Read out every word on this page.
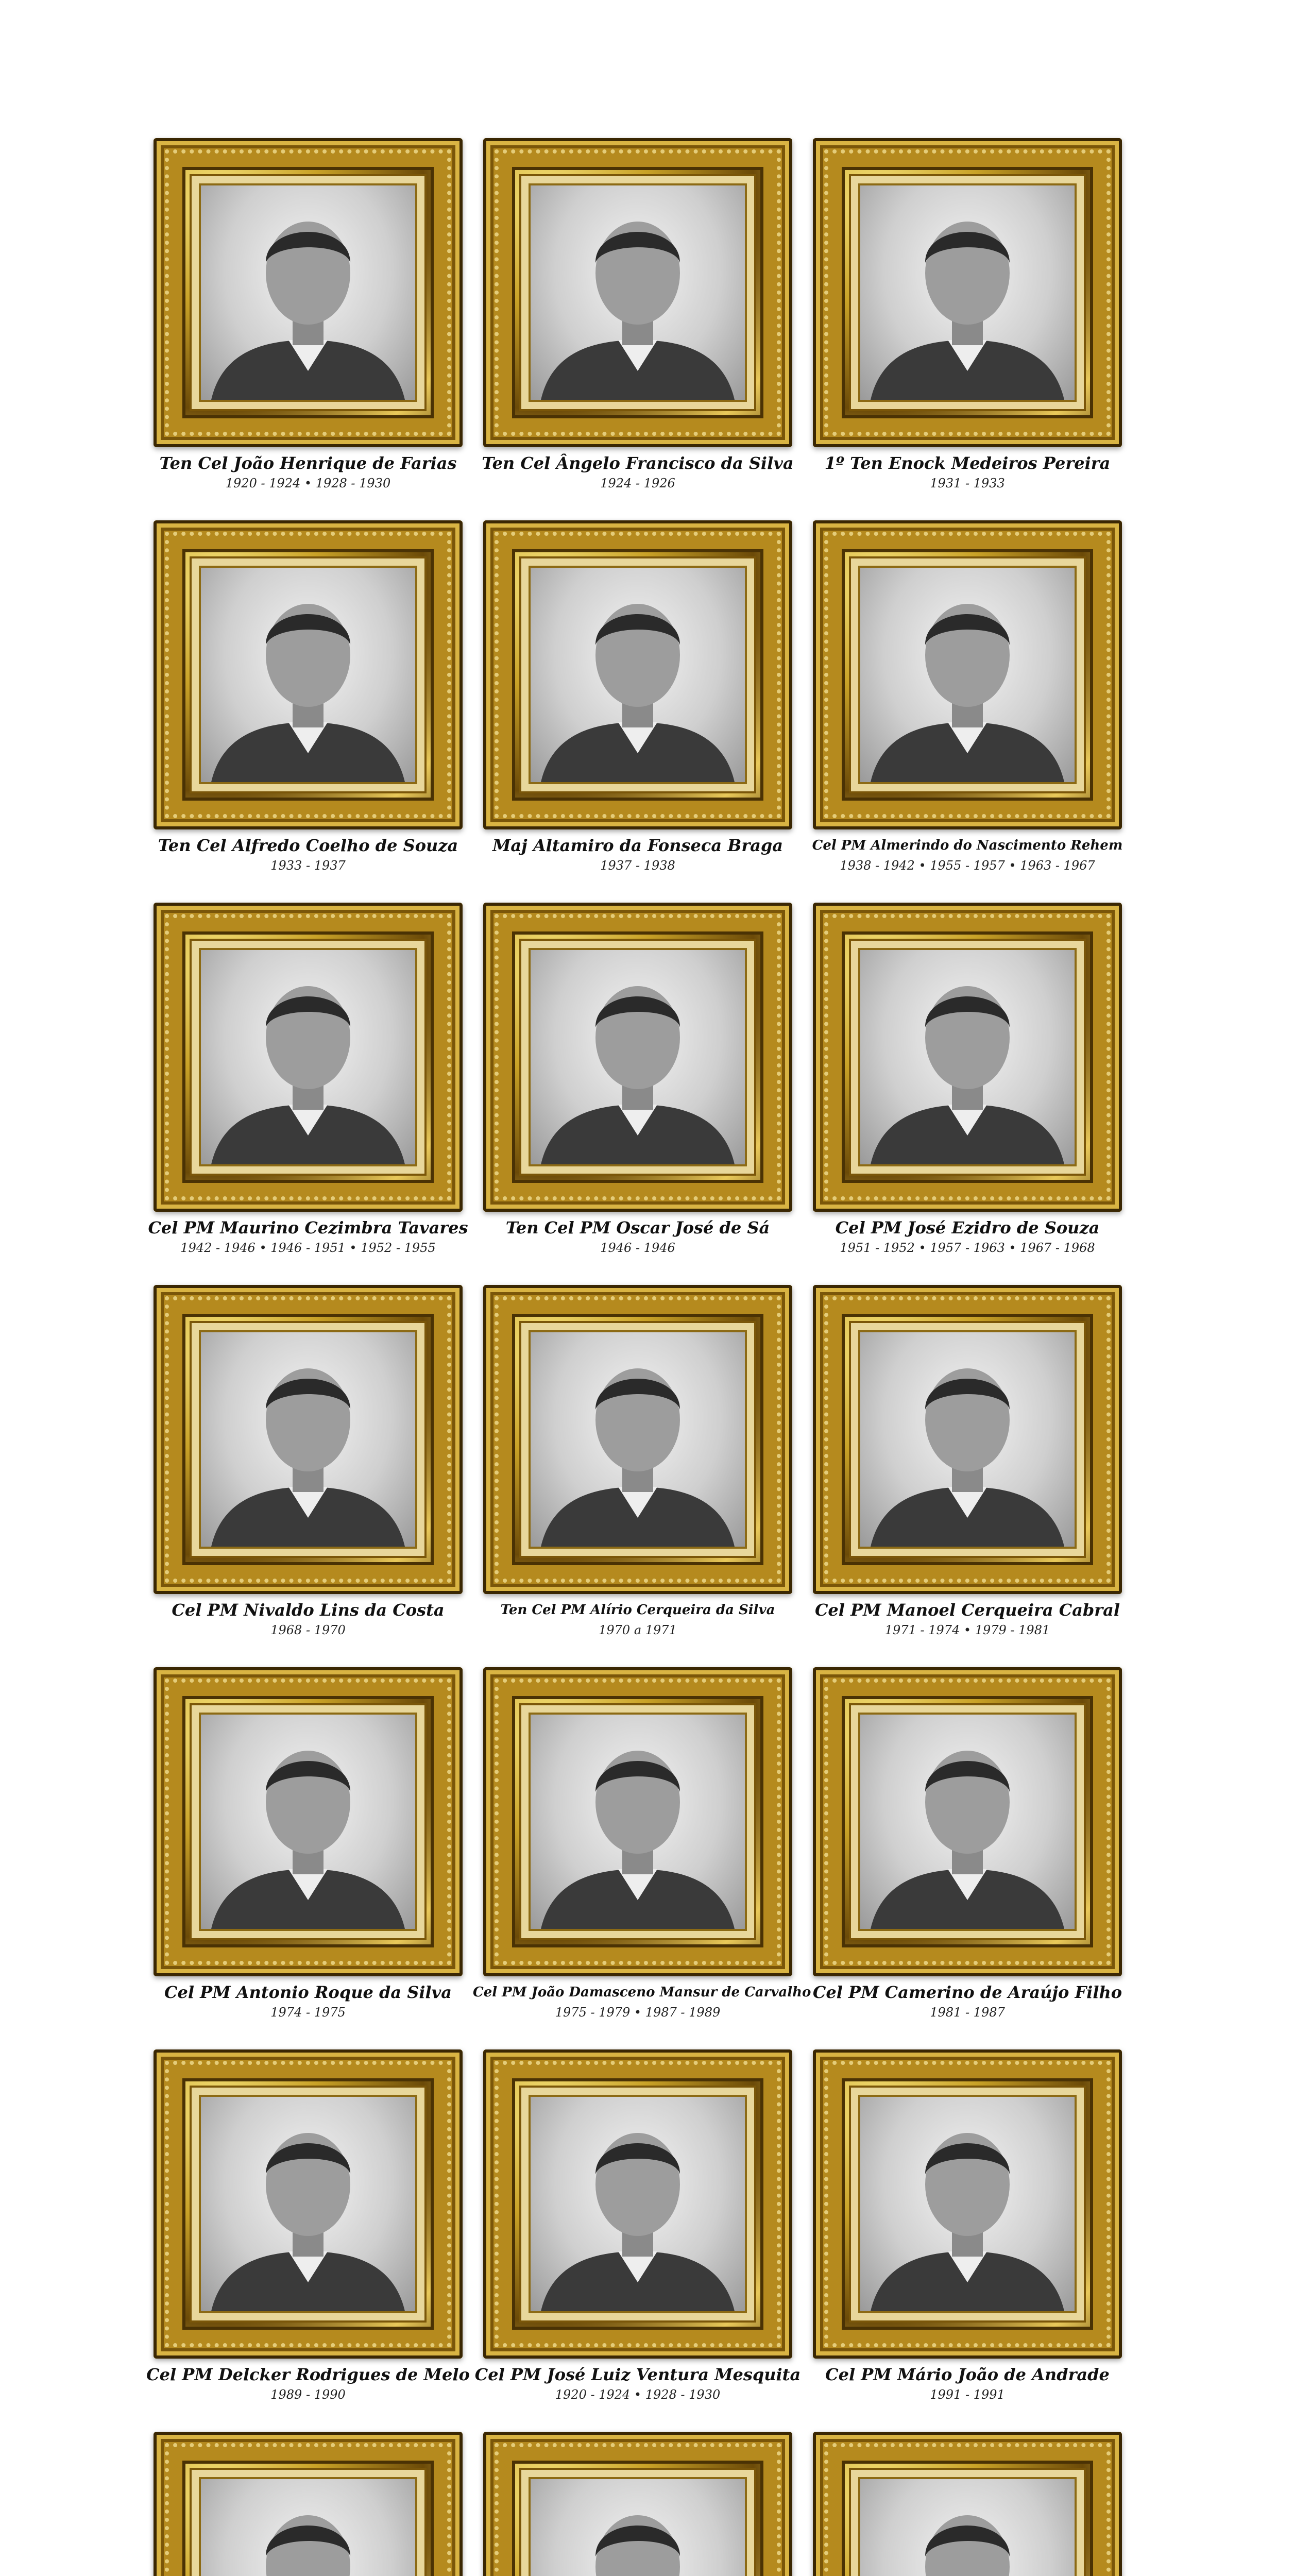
Ten Cel João Henrique de Farias
1920 - 1924 • 1928 - 1930
Ten Cel Ângelo Francisco da Silva
1924 - 1926
1º Ten Enock Medeiros Pereira
1931 - 1933
Ten Cel Alfredo Coelho de Souza
1933 - 1937
Maj Altamiro da Fonseca Braga
1937 - 1938
Cel PM Almerindo do Nascimento Rehem
1938 - 1942 • 1955 - 1957 • 1963 - 1967
Cel PM Maurino Cezimbra Tavares
1942 - 1946 • 1946 - 1951 • 1952 - 1955
Ten Cel PM Oscar José de Sá
1946 - 1946
Cel PM José Ezidro de Souza
1951 - 1952 • 1957 - 1963 • 1967 - 1968
Cel PM Nivaldo Lins da Costa
1968 - 1970
Ten Cel PM Alírio Cerqueira da Silva
1970 a 1971
Cel PM Manoel Cerqueira Cabral
1971 - 1974 • 1979 - 1981
Cel PM Antonio Roque da Silva
1974 - 1975
Cel PM João Damasceno Mansur de Carvalho
1975 - 1979 • 1987 - 1989
Cel PM Camerino de Araújo Filho
1981 - 1987
Cel PM Delcker Rodrigues de Melo
1989 - 1990
Cel PM José Luiz Ventura Mesquita
1920 - 1924 • 1928 - 1930
Cel PM Mário João de Andrade
1991 - 1991
